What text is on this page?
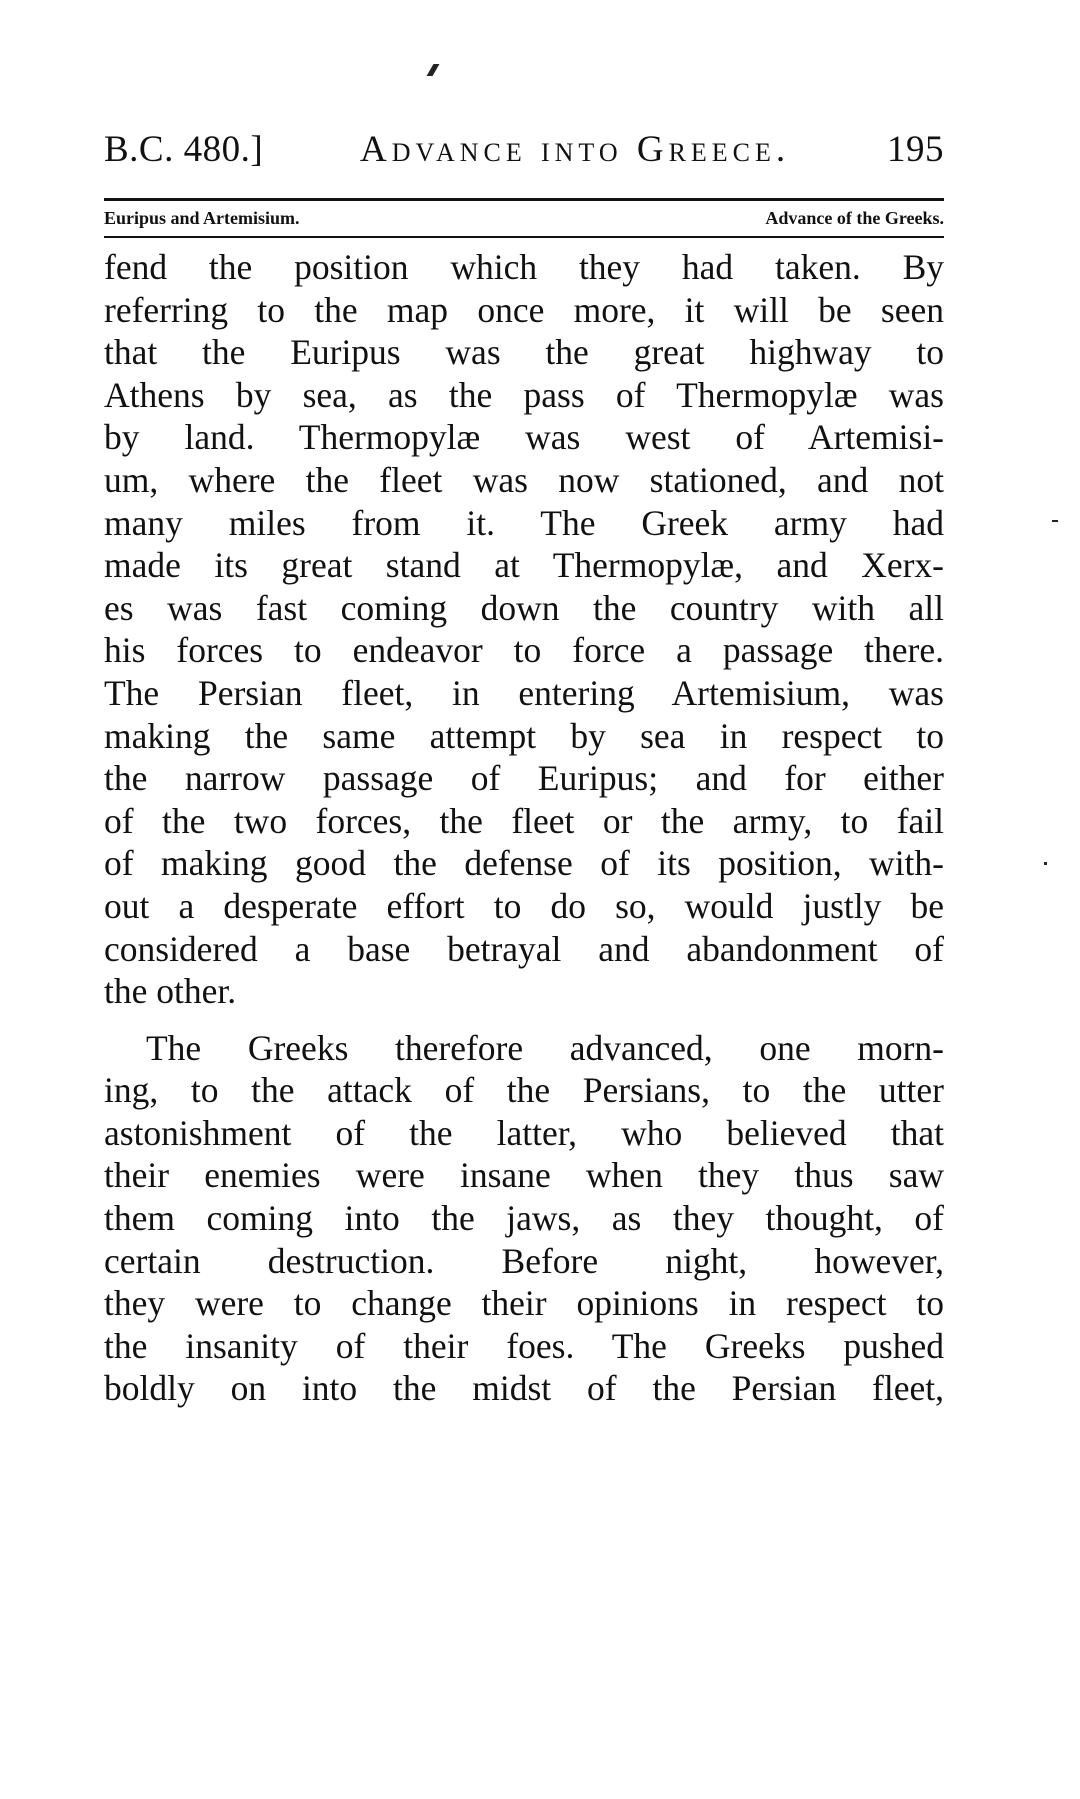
B.C. 480.]	Advance into Greece.	195
Euripus and Artemisium.	Advance of the Greeks.
fend the position which they had taken. By
referring to the map once more, it will be seen
that the Euripus was the great highway to
Athens by sea, as the pass of Thermopylæ was
by land. Thermopylæ was west of Artemisi-
um, where the fleet was now stationed, and not
many miles from it. The Greek army had
made its great stand at Thermopylæ, and Xerx-
es was fast coming down the country with all
his forces to endeavor to force a passage there.
The Persian fleet, in entering Artemisium, was
making the same attempt by sea in respect to
the narrow passage of Euripus; and for either
of the two forces, the fleet or the army, to fail
of making good the defense of its position, with-
out a desperate effort to do so, would justly be
considered a base betrayal and abandonment of
the other.
The Greeks therefore advanced, one morn-
ing, to the attack of the Persians, to the utter
astonishment of the latter, who believed that
their enemies were insane when they thus saw
them coming into the jaws, as they thought, of
certain destruction. Before night, however,
they were to change their opinions in respect to
the insanity of their foes. The Greeks pushed
boldly on into the midst of the Persian fleet,
